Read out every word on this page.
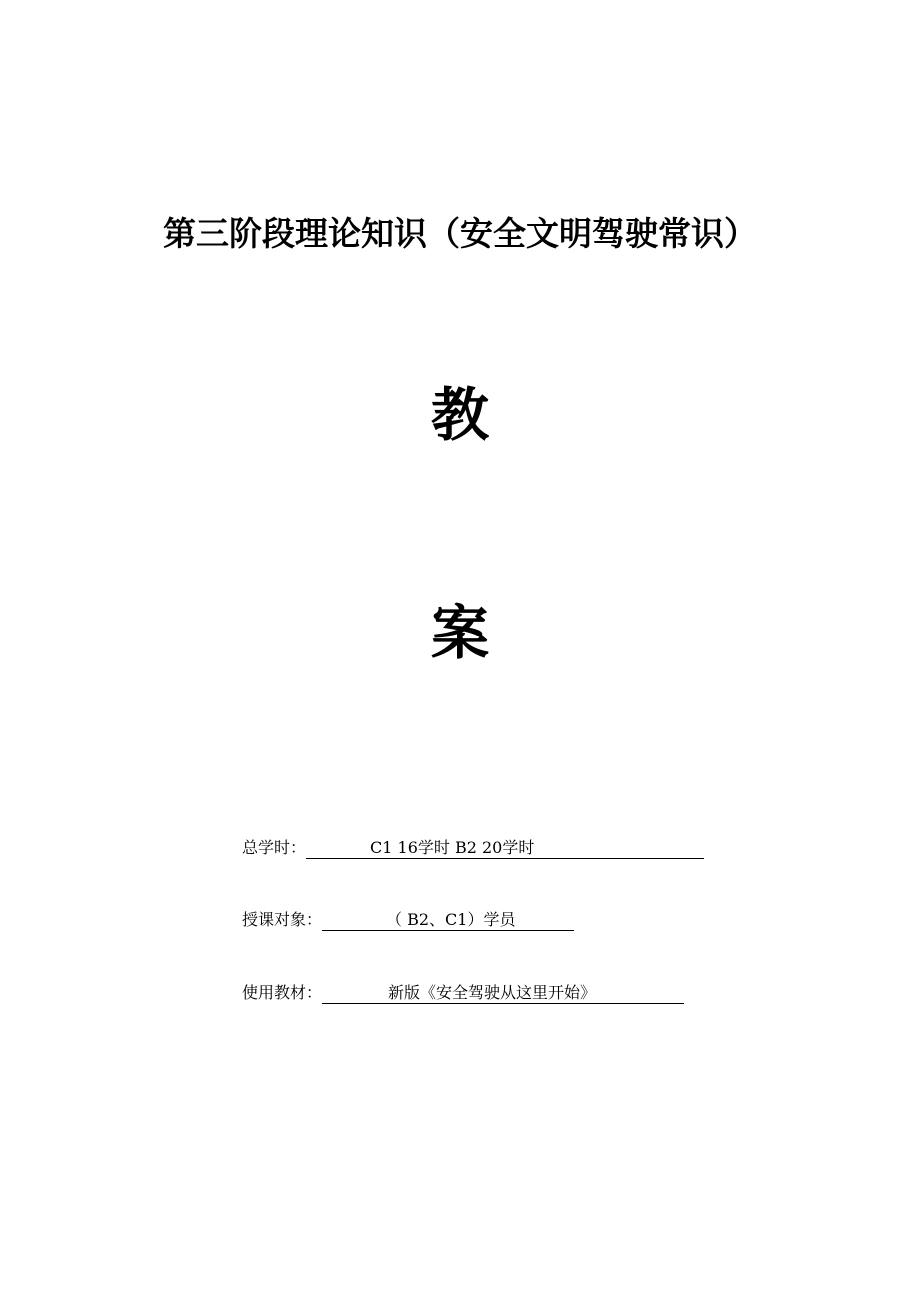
第三阶段理论知识（安全文明驾驶常识）
教
案
总学时：	C1 16学时 B2 20学时
授课对象：	（ B2、C1）学员
使用教材：	新版《安全驾驶从这里开始》
